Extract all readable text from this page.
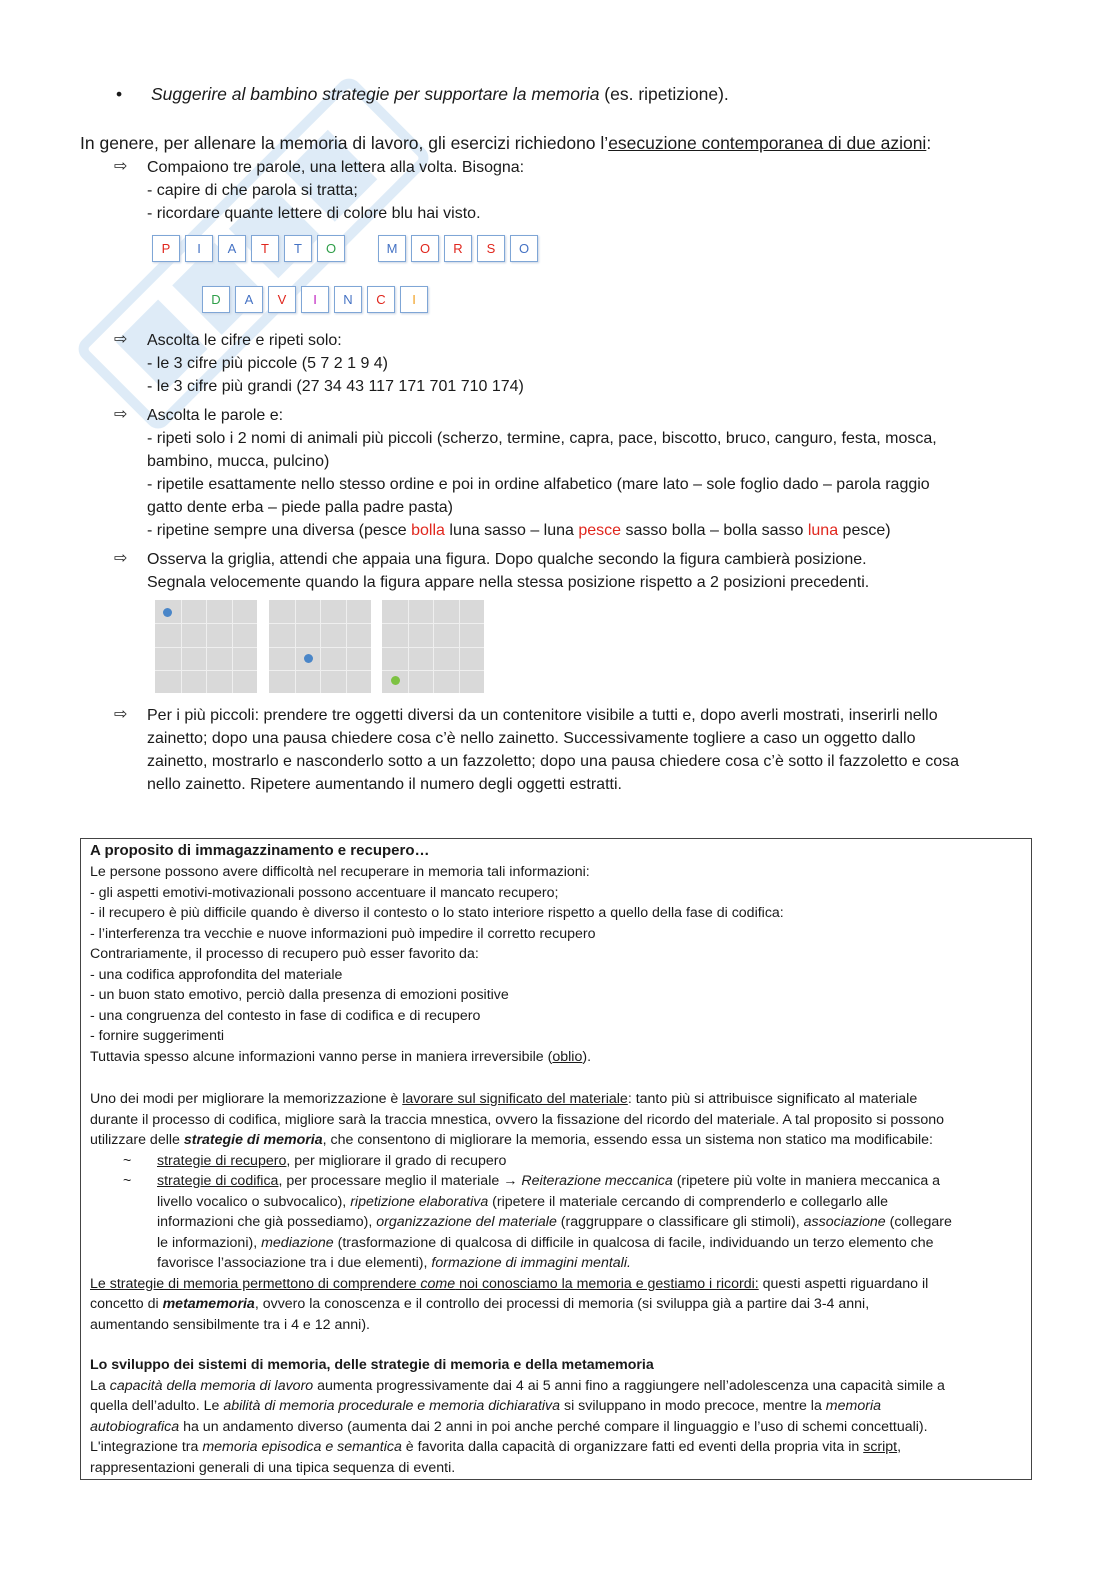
• Suggerire al bambino strategie per supportare la memoria (es. ripetizione).
In genere, per allenare la memoria di lavoro, gli esercizi richiedono l’esecuzione contemporanea di due azioni:
⇨ Compaiono tre parole, una lettera alla volta. Bisogna:
- capire di che parola si tratta;
- ricordare quante lettere di colore blu hai visto.
P	I	A	T	T	O	M	O	R	S	O
D	A	V	I	N	C	I
⇨ Ascolta le cifre e ripeti solo:
- le 3 cifre più piccole (5 7 2 1 9 4)
- le 3 cifre più grandi (27 34 43 117 171 701 710 174)
⇨ Ascolta le parole e:
- ripeti solo i 2 nomi di animali più piccoli (scherzo, termine, capra, pace, biscotto, bruco, canguro, festa, mosca,
bambino, mucca, pulcino)
- ripetile esattamente nello stesso ordine e poi in ordine alfabetico (mare lato – sole foglio dado – parola raggio
gatto dente erba – piede palla padre pasta)
- ripetine sempre una diversa (pesce bolla luna sasso – luna pesce sasso bolla – bolla sasso luna pesce)
⇨ Osserva la griglia, attendi che appaia una figura. Dopo qualche secondo la figura cambierà posizione.
Segnala velocemente quando la figura appare nella stessa posizione rispetto a 2 posizioni precedenti.
⇨ Per i più piccoli: prendere tre oggetti diversi da un contenitore visibile a tutti e, dopo averli mostrati, inserirli nello
zainetto; dopo una pausa chiedere cosa c’è nello zainetto. Successivamente togliere a caso un oggetto dallo
zainetto, mostrarlo e nasconderlo sotto a un fazzoletto; dopo una pausa chiedere cosa c’è sotto il fazzoletto e cosa
nello zainetto. Ripetere aumentando il numero degli oggetti estratti.
A proposito di immagazzinamento e recupero…
Le persone possono avere difficoltà nel recuperare in memoria tali informazioni:
- gli aspetti emotivi-motivazionali possono accentuare il mancato recupero;
- il recupero è più difficile quando è diverso il contesto o lo stato interiore rispetto a quello della fase di codifica:
- l’interferenza tra vecchie e nuove informazioni può impedire il corretto recupero
Contrariamente, il processo di recupero può esser favorito da:
- una codifica approfondita del materiale
- un buon stato emotivo, perciò dalla presenza di emozioni positive
- una congruenza del contesto in fase di codifica e di recupero
- fornire suggerimenti
Tuttavia spesso alcune informazioni vanno perse in maniera irreversibile (oblio).
Uno dei modi per migliorare la memorizzazione è lavorare sul significato del materiale: tanto più si attribuisce significato al materiale
durante il processo di codifica, migliore sarà la traccia mnestica, ovvero la fissazione del ricordo del materiale. A tal proposito si possono
utilizzare delle strategie di memoria, che consentono di migliorare la memoria, essendo essa un sistema non statico ma modificabile:
~ strategie di recupero, per migliorare il grado di recupero
~ strategie di codifica, per processare meglio il materiale → Reiterazione meccanica (ripetere più volte in maniera meccanica a
livello vocalico o subvocalico), ripetizione elaborativa (ripetere il materiale cercando di comprenderlo e collegarlo alle
informazioni che già possediamo), organizzazione del materiale (raggruppare o classificare gli stimoli), associazione (collegare
le informazioni), mediazione (trasformazione di qualcosa di difficile in qualcosa di facile, individuando un terzo elemento che
favorisce l’associazione tra i due elementi), formazione di immagini mentali.
Le strategie di memoria permettono di comprendere come noi conosciamo la memoria e gestiamo i ricordi: questi aspetti riguardano il
concetto di metamemoria, ovvero la conoscenza e il controllo dei processi di memoria (si sviluppa già a partire dai 3-4 anni,
aumentando sensibilmente tra i 4 e 12 anni).
Lo sviluppo dei sistemi di memoria, delle strategie di memoria e della metamemoria
La capacità della memoria di lavoro aumenta progressivamente dai 4 ai 5 anni fino a raggiungere nell’adolescenza una capacità simile a
quella dell’adulto. Le abilità di memoria procedurale e memoria dichiarativa si sviluppano in modo precoce, mentre la memoria
autobiografica ha un andamento diverso (aumenta dai 2 anni in poi anche perché compare il linguaggio e l’uso di schemi concettuali).
L'integrazione tra memoria episodica e semantica è favorita dalla capacità di organizzare fatti ed eventi della propria vita in script,
rappresentazioni generali di una tipica sequenza di eventi.
